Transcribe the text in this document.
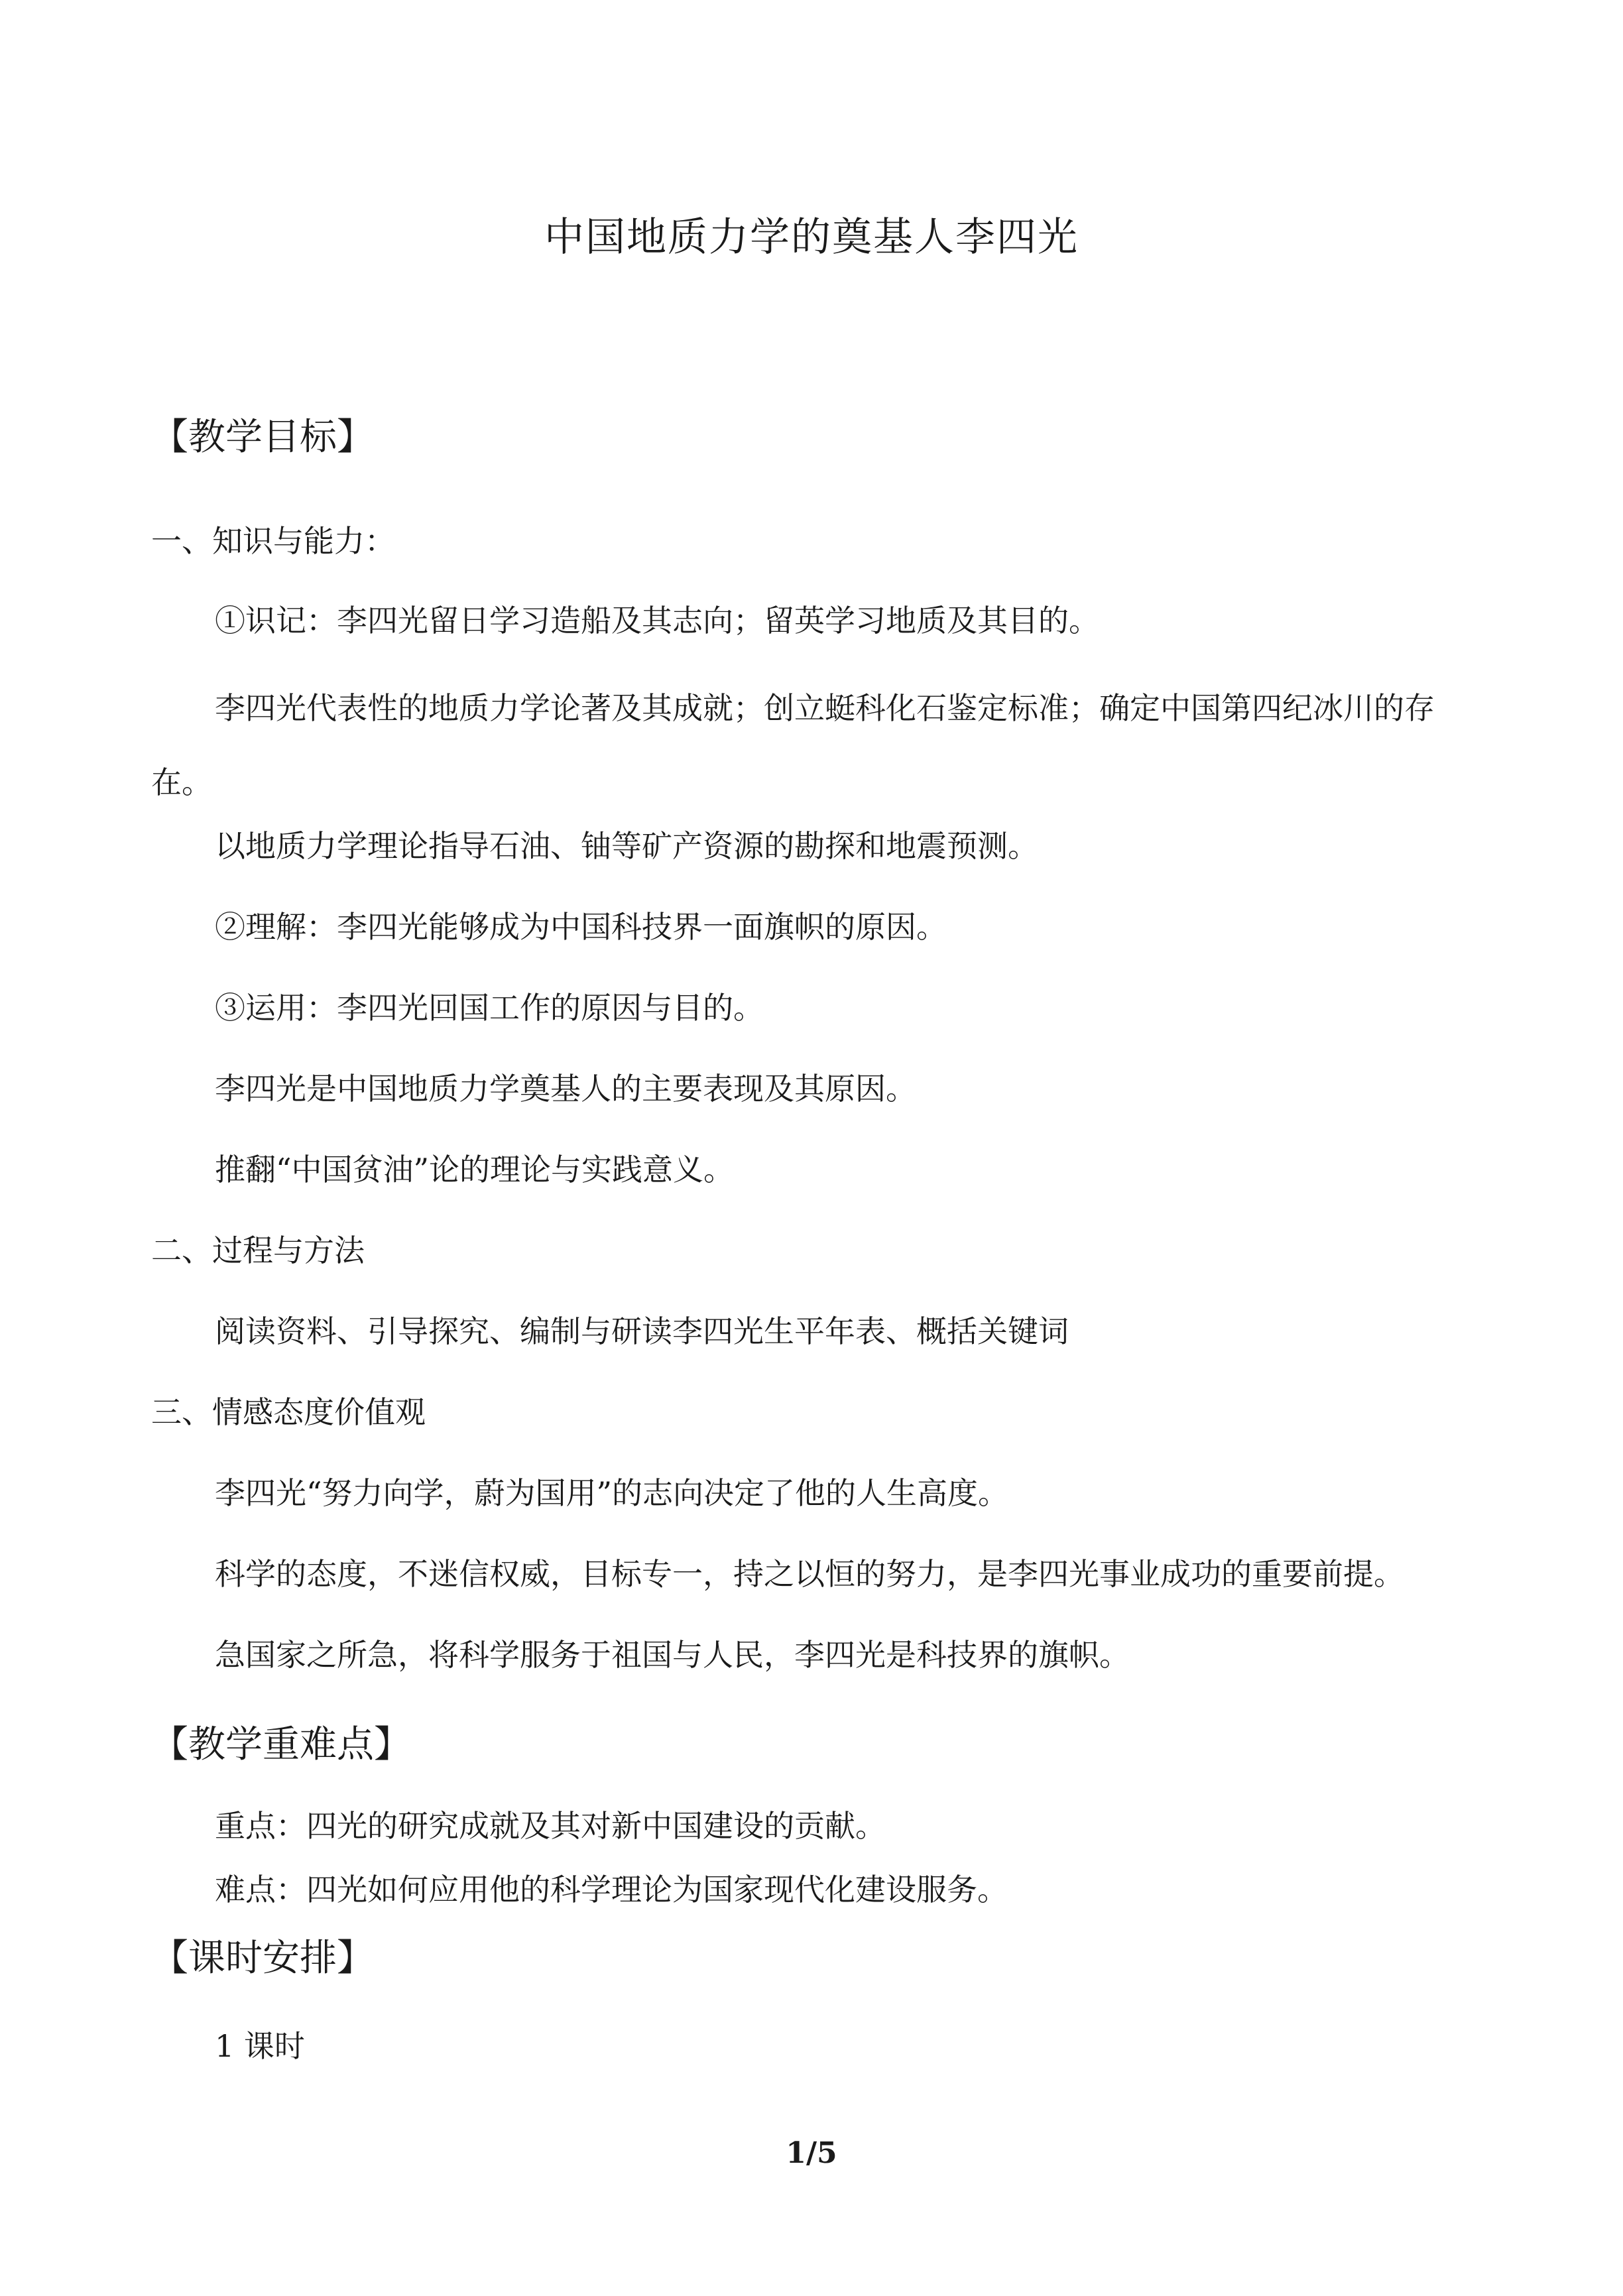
中国地质力学的奠基人李四光
【教学目标】
一、知识与能力：
①识记：李四光留日学习造船及其志向；留英学习地质及其目的。
李四光代表性的地质力学论著及其成就；创立蜓科化石鉴定标准；确定中国第四纪冰川的存在。
以地质力学理论指导石油、铀等矿产资源的勘探和地震预测。
②理解：李四光能够成为中国科技界一面旗帜的原因。
③运用：李四光回国工作的原因与目的。
李四光是中国地质力学奠基人的主要表现及其原因。
推翻“中国贫油”论的理论与实践意义。
二、过程与方法
阅读资料、引导探究、编制与研读李四光生平年表、概括关键词
三、情感态度价值观
李四光“努力向学，蔚为国用”的志向决定了他的人生高度。
科学的态度，不迷信权威，目标专一，持之以恒的努力，是李四光事业成功的重要前提。
急国家之所急，将科学服务于祖国与人民，李四光是科技界的旗帜。
【教学重难点】
重点：四光的研究成就及其对新中国建设的贡献。
难点：四光如何应用他的科学理论为国家现代化建设服务。
【课时安排】
1 课时
1/5
